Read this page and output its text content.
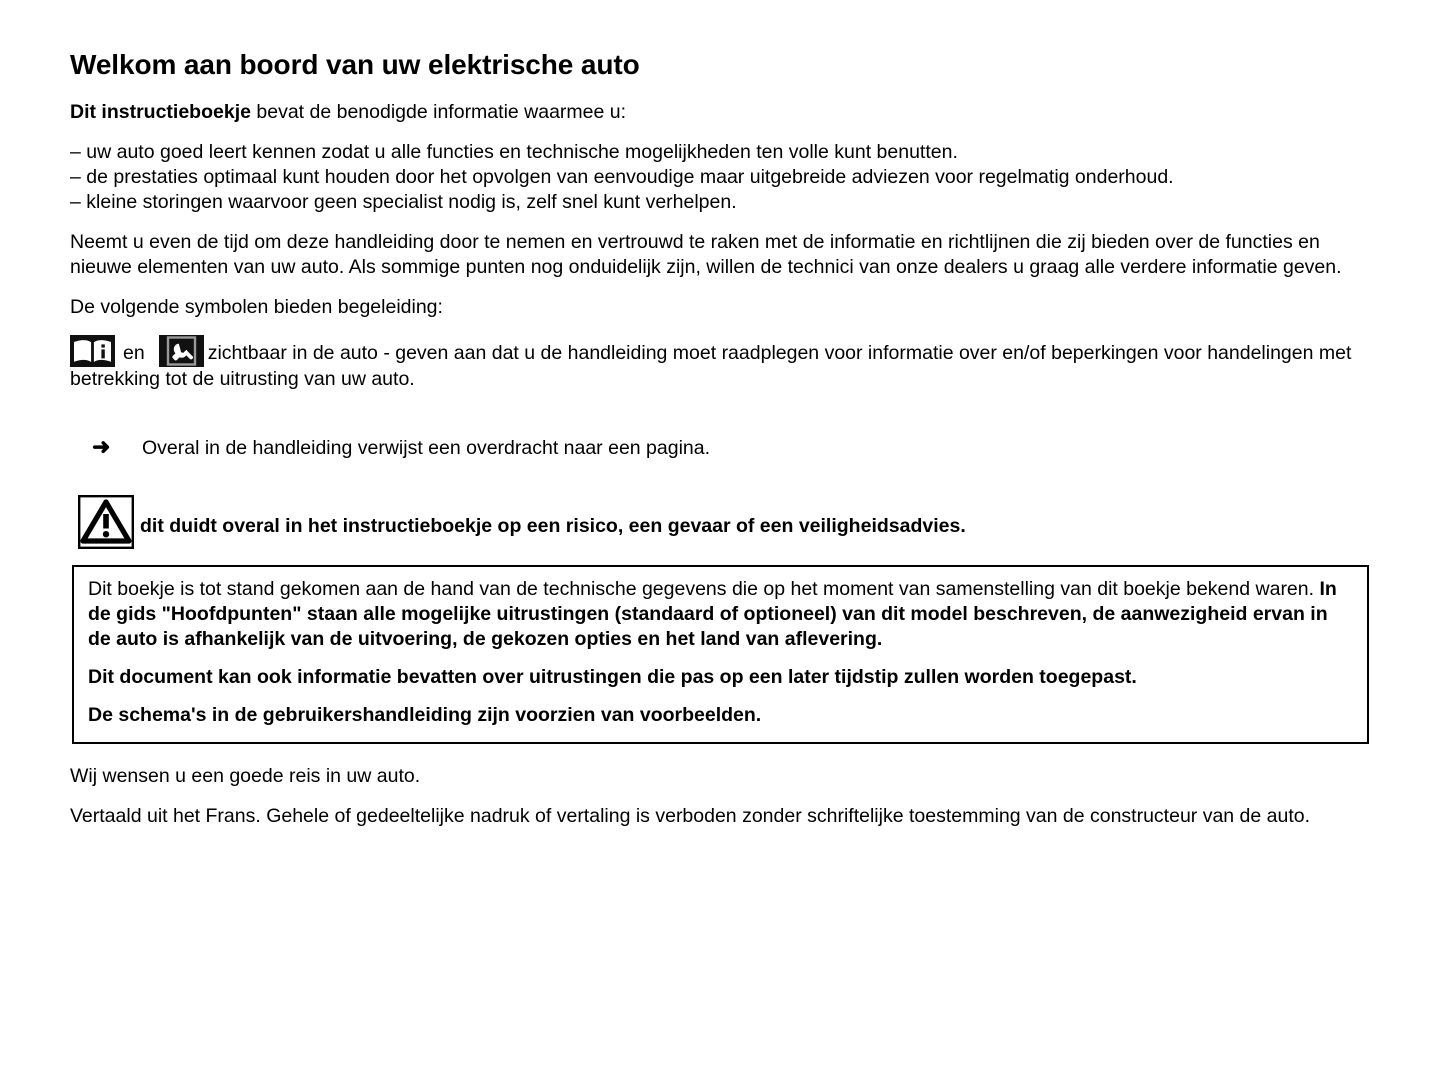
Welkom aan boord van uw elektrische auto

Dit instructieboekje bevat de benodigde informatie waarmee u:

– uw auto goed leert kennen zodat u alle functies en technische mogelijkheden ten volle kunt benutten.
– de prestaties optimaal kunt houden door het opvolgen van eenvoudige maar uitgebreide adviezen voor regelmatig onderhoud.
– kleine storingen waarvoor geen specialist nodig is, zelf snel kunt verhelpen.

Neemt u even de tijd om deze handleiding door te nemen en vertrouwd te raken met de informatie en richtlijnen die zij bieden over de functies en nieuwe elementen van uw auto. Als sommige punten nog onduidelijk zijn, willen de technici van onze dealers u graag alle verdere informatie geven.

De volgende symbolen bieden begeleiding:

en	zichtbaar in de auto - geven aan dat u de handleiding moet raadplegen voor informatie over en/of beperkingen voor handelingen met betrekking tot de uitrusting van uw auto.

➜	Overal in de handleiding verwijst een overdracht naar een pagina.

dit duidt overal in het instructieboekje op een risico, een gevaar of een veiligheidsadvies.

Dit boekje is tot stand gekomen aan de hand van de technische gegevens die op het moment van samenstelling van dit boekje bekend waren. In de gids "Hoofdpunten" staan alle mogelijke uitrustingen (standaard of optioneel) van dit model beschreven, de aanwezigheid ervan in de auto is afhankelijk van de uitvoering, de gekozen opties en het land van aflevering.

Dit document kan ook informatie bevatten over uitrustingen die pas op een later tijdstip zullen worden toegepast.

De schema's in de gebruikershandleiding zijn voorzien van voorbeelden.

Wij wensen u een goede reis in uw auto.

Vertaald uit het Frans. Gehele of gedeeltelijke nadruk of vertaling is verboden zonder schriftelijke toestemming van de constructeur van de auto.
